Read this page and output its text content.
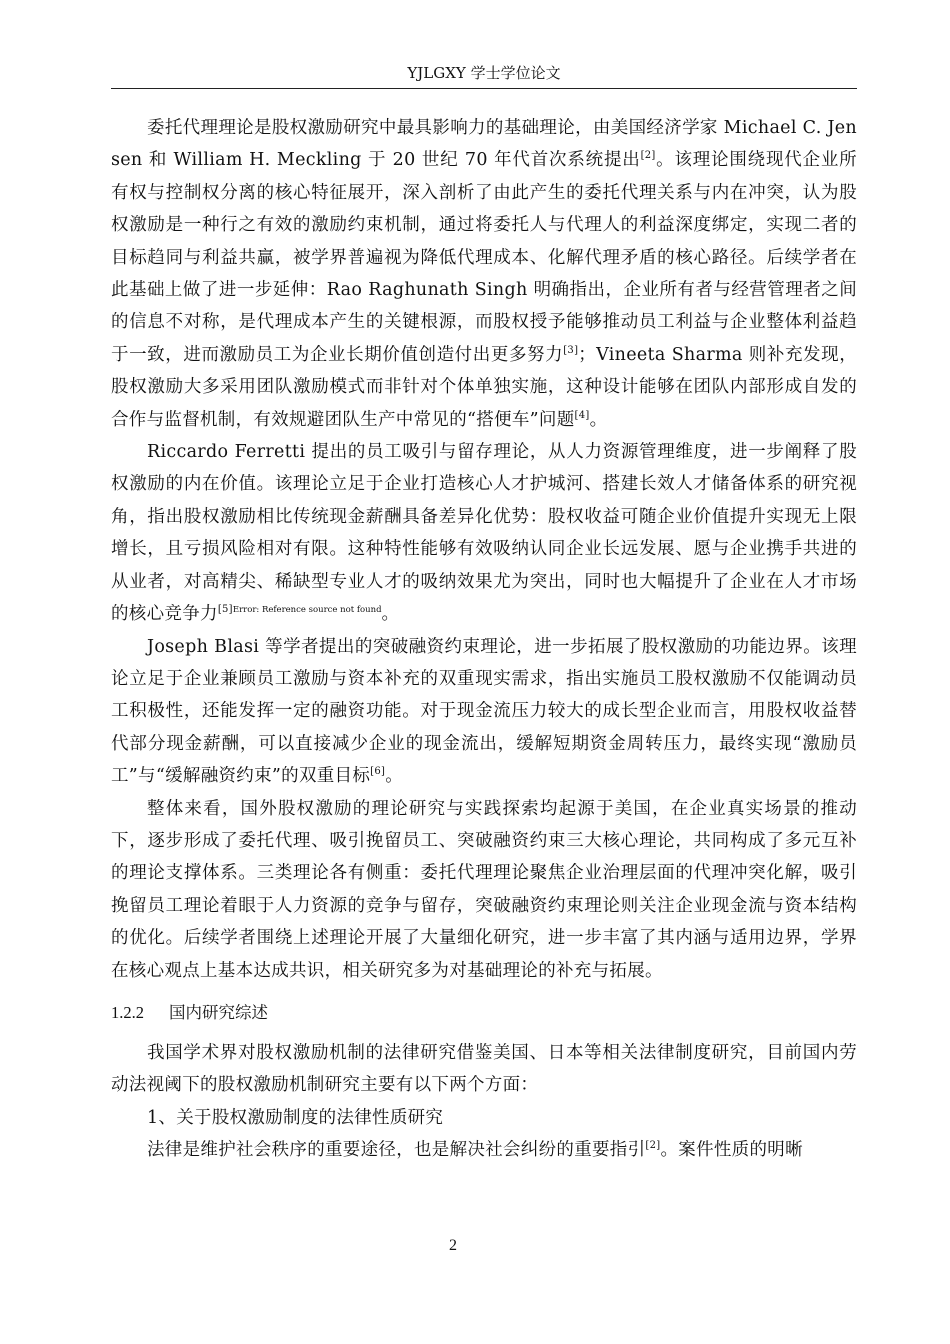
YJLGXY 学士学位论文

委托代理理论是股权激励研究中最具影响力的基础理论，由美国经济学家 Michael C. Jensen 和 William H. Meckling 于 20 世纪 70 年代首次系统提出[2]。该理论围绕现代企业所有权与控制权分离的核心特征展开，深入剖析了由此产生的委托代理关系与内在冲突，认为股权激励是一种行之有效的激励约束机制，通过将委托人与代理人的利益深度绑定，实现二者的目标趋同与利益共赢，被学界普遍视为降低代理成本、化解代理矛盾的核心路径。后续学者在此基础上做了进一步延伸：Rao Raghunath Singh 明确指出，企业所有者与经营管理者之间的信息不对称，是代理成本产生的关键根源，而股权授予能够推动员工利益与企业整体利益趋于一致，进而激励员工为企业长期价值创造付出更多努力[3]；Vineeta Sharma 则补充发现，股权激励大多采用团队激励模式而非针对个体单独实施，这种设计能够在团队内部形成自发的合作与监督机制，有效规避团队生产中常见的“搭便车”问题[4]。

Riccardo Ferretti 提出的员工吸引与留存理论，从人力资源管理维度，进一步阐释了股权激励的内在价值。该理论立足于企业打造核心人才护城河、搭建长效人才储备体系的研究视角，指出股权激励相比传统现金薪酬具备差异化优势：股权收益可随企业价值提升实现无上限增长，且亏损风险相对有限。这种特性能够有效吸纳认同企业长远发展、愿与企业携手共进的从业者，对高精尖、稀缺型专业人才的吸纳效果尤为突出，同时也大幅提升了企业在人才市场的核心竞争力$^{[5]Error: Reference source not found}$。

Joseph Blasi 等学者提出的突破融资约束理论，进一步拓展了股权激励的功能边界。该理论立足于企业兼顾员工激励与资本补充的双重现实需求，指出实施员工股权激励不仅能调动员工积极性，还能发挥一定的融资功能。对于现金流压力较大的成长型企业而言，用股权收益替代部分现金薪酬，可以直接减少企业的现金流出，缓解短期资金周转压力，最终实现“激励员工”与“缓解融资约束”的双重目标[6]。

整体来看，国外股权激励的理论研究与实践探索均起源于美国，在企业真实场景的推动下，逐步形成了委托代理、吸引挽留员工、突破融资约束三大核心理论，共同构成了多元互补的理论支撑体系。三类理论各有侧重：委托代理理论聚焦企业治理层面的代理冲突化解，吸引挽留员工理论着眼于人力资源的竞争与留存，突破融资约束理论则关注企业现金流与资本结构的优化。后续学者围绕上述理论开展了大量细化研究，进一步丰富了其内涵与适用边界，学界在核心观点上基本达成共识，相关研究多为对基础理论的补充与拓展。

1.2.2 国内研究综述

我国学术界对股权激励机制的法律研究借鉴美国、日本等相关法律制度研究，目前国内劳动法视阈下的股权激励机制研究主要有以下两个方面：

1、关于股权激励制度的法律性质研究

法律是维护社会秩序的重要途径，也是解决社会纠纷的重要指引[2]。案件性质的明晰

2
